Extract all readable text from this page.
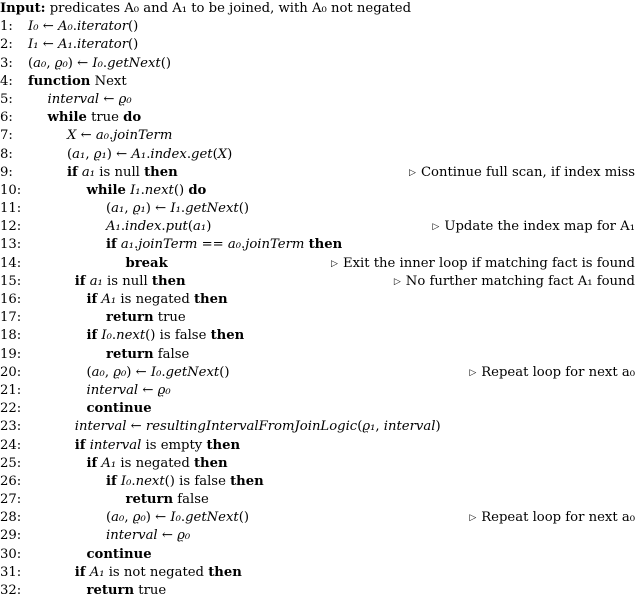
Input: predicates A₀ and A₁ to be joined, with A₀ not negated
1: I₀ ← A₀.iterator()
2: I₁ ← A₁.iterator()
3: (a₀, ϱ₀) ← I₀.getNext()
4: function Next
5:	interval ← ϱ₀
6:	while true do
7:	X ← a₀.joinTerm
8:	(a₁, ϱ₁) ← A₁.index.get(X)
9:	if a₁ is null then	▷ Continue full scan, if index miss
10:	while I₁.next() do
11:	(a₁, ϱ₁) ← I₁.getNext()
12:	A₁.index.put(a₁)	▷ Update the index map for A₁
13:	if a₁.joinTerm == a₀.joinTerm then
14:	break	▷ Exit the inner loop if matching fact is found
15:	if a₁ is null then	▷ No further matching fact A₁ found
16:	if A₁ is negated then
17:	return true
18:	if I₀.next() is false then
19:	return false
20:	(a₀, ϱ₀) ← I₀.getNext()	▷ Repeat loop for next a₀
21:	interval ← ϱ₀
22:	continue
23:	interval ← resultingIntervalFromJoinLogic(ϱ₁, interval)
24:	if interval is empty then
25:	if A₁ is negated then
26:	if I₀.next() is false then
27:	return false
28:	(a₀, ϱ₀) ← I₀.getNext()	▷ Repeat loop for next a₀
29:	interval ← ϱ₀
30:	continue
31:	if A₁ is not negated then
32:	return true
